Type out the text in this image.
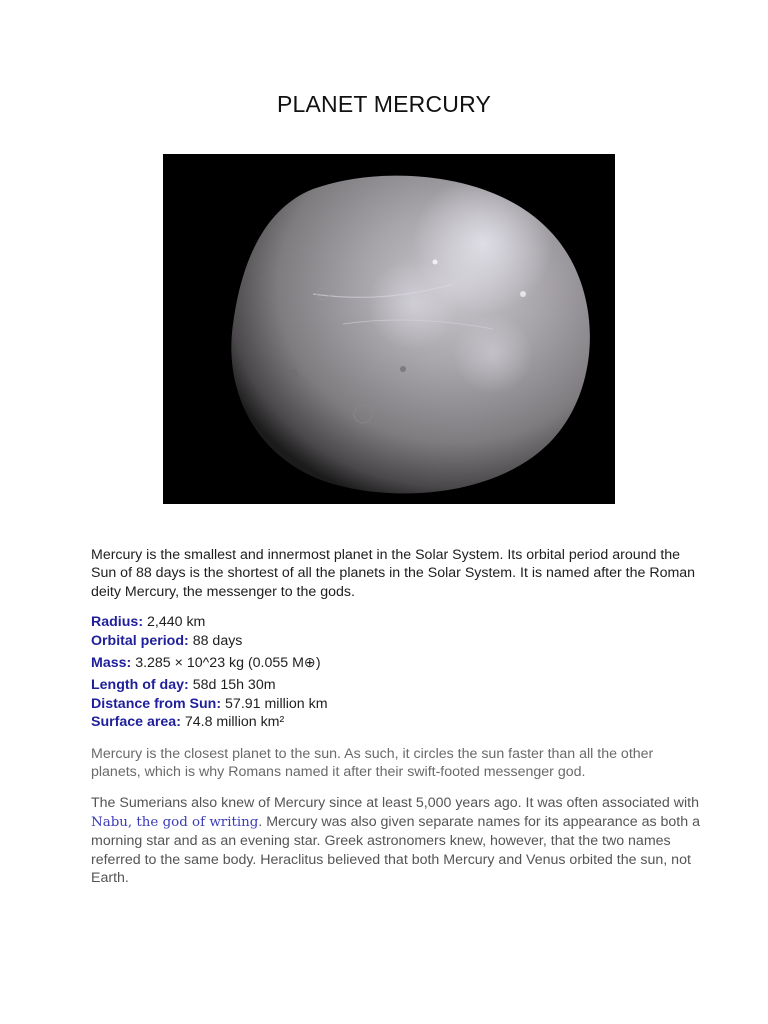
PLANET MERCURY

Mercury is the smallest and innermost planet in the Solar System. Its orbital period around the Sun of 88 days is the shortest of all the planets in the Solar System. It is named after the Roman deity Mercury, the messenger to the gods.

Radius: 2,440 km
Orbital period: 88 days
Mass: 3.285 × 10^23 kg (0.055 M⊕)
Length of day: 58d 15h 30m
Distance from Sun: 57.91 million km
Surface area: 74.8 million km²

Mercury is the closest planet to the sun. As such, it circles the sun faster than all the other planets, which is why Romans named it after their swift-footed messenger god.

The Sumerians also knew of Mercury since at least 5,000 years ago. It was often associated with Nabu, the god of writing. Mercury was also given separate names for its appearance as both a morning star and as an evening star. Greek astronomers knew, however, that the two names referred to the same body. Heraclitus believed that both Mercury and Venus orbited the sun, not Earth.
